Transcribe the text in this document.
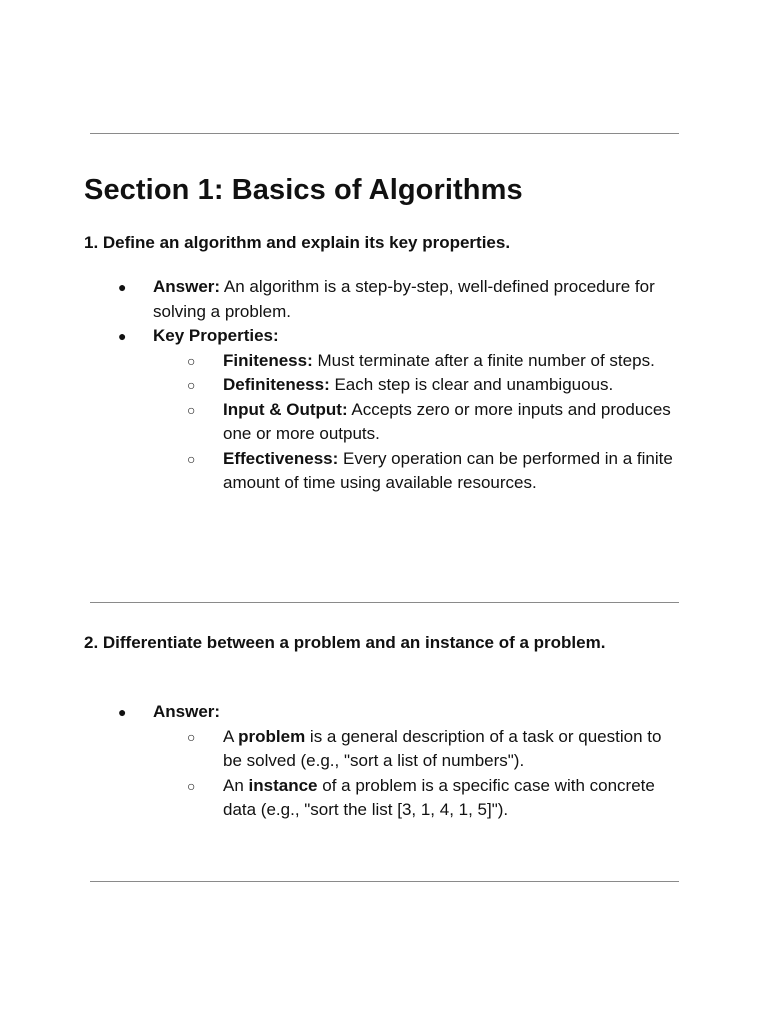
Section 1: Basics of Algorithms

1. Define an algorithm and explain its key properties.

● Answer: An algorithm is a step-by-step, well-defined procedure for solving a problem.
● Key Properties:
○ Finiteness: Must terminate after a finite number of steps.
○ Definiteness: Each step is clear and unambiguous.
○ Input & Output: Accepts zero or more inputs and produces one or more outputs.
○ Effectiveness: Every operation can be performed in a finite amount of time using available resources.

2. Differentiate between a problem and an instance of a problem.

● Answer:
○ A problem is a general description of a task or question to be solved (e.g., "sort a list of numbers").
○ An instance of a problem is a specific case with concrete data (e.g., "sort the list [3, 1, 4, 1, 5]").
